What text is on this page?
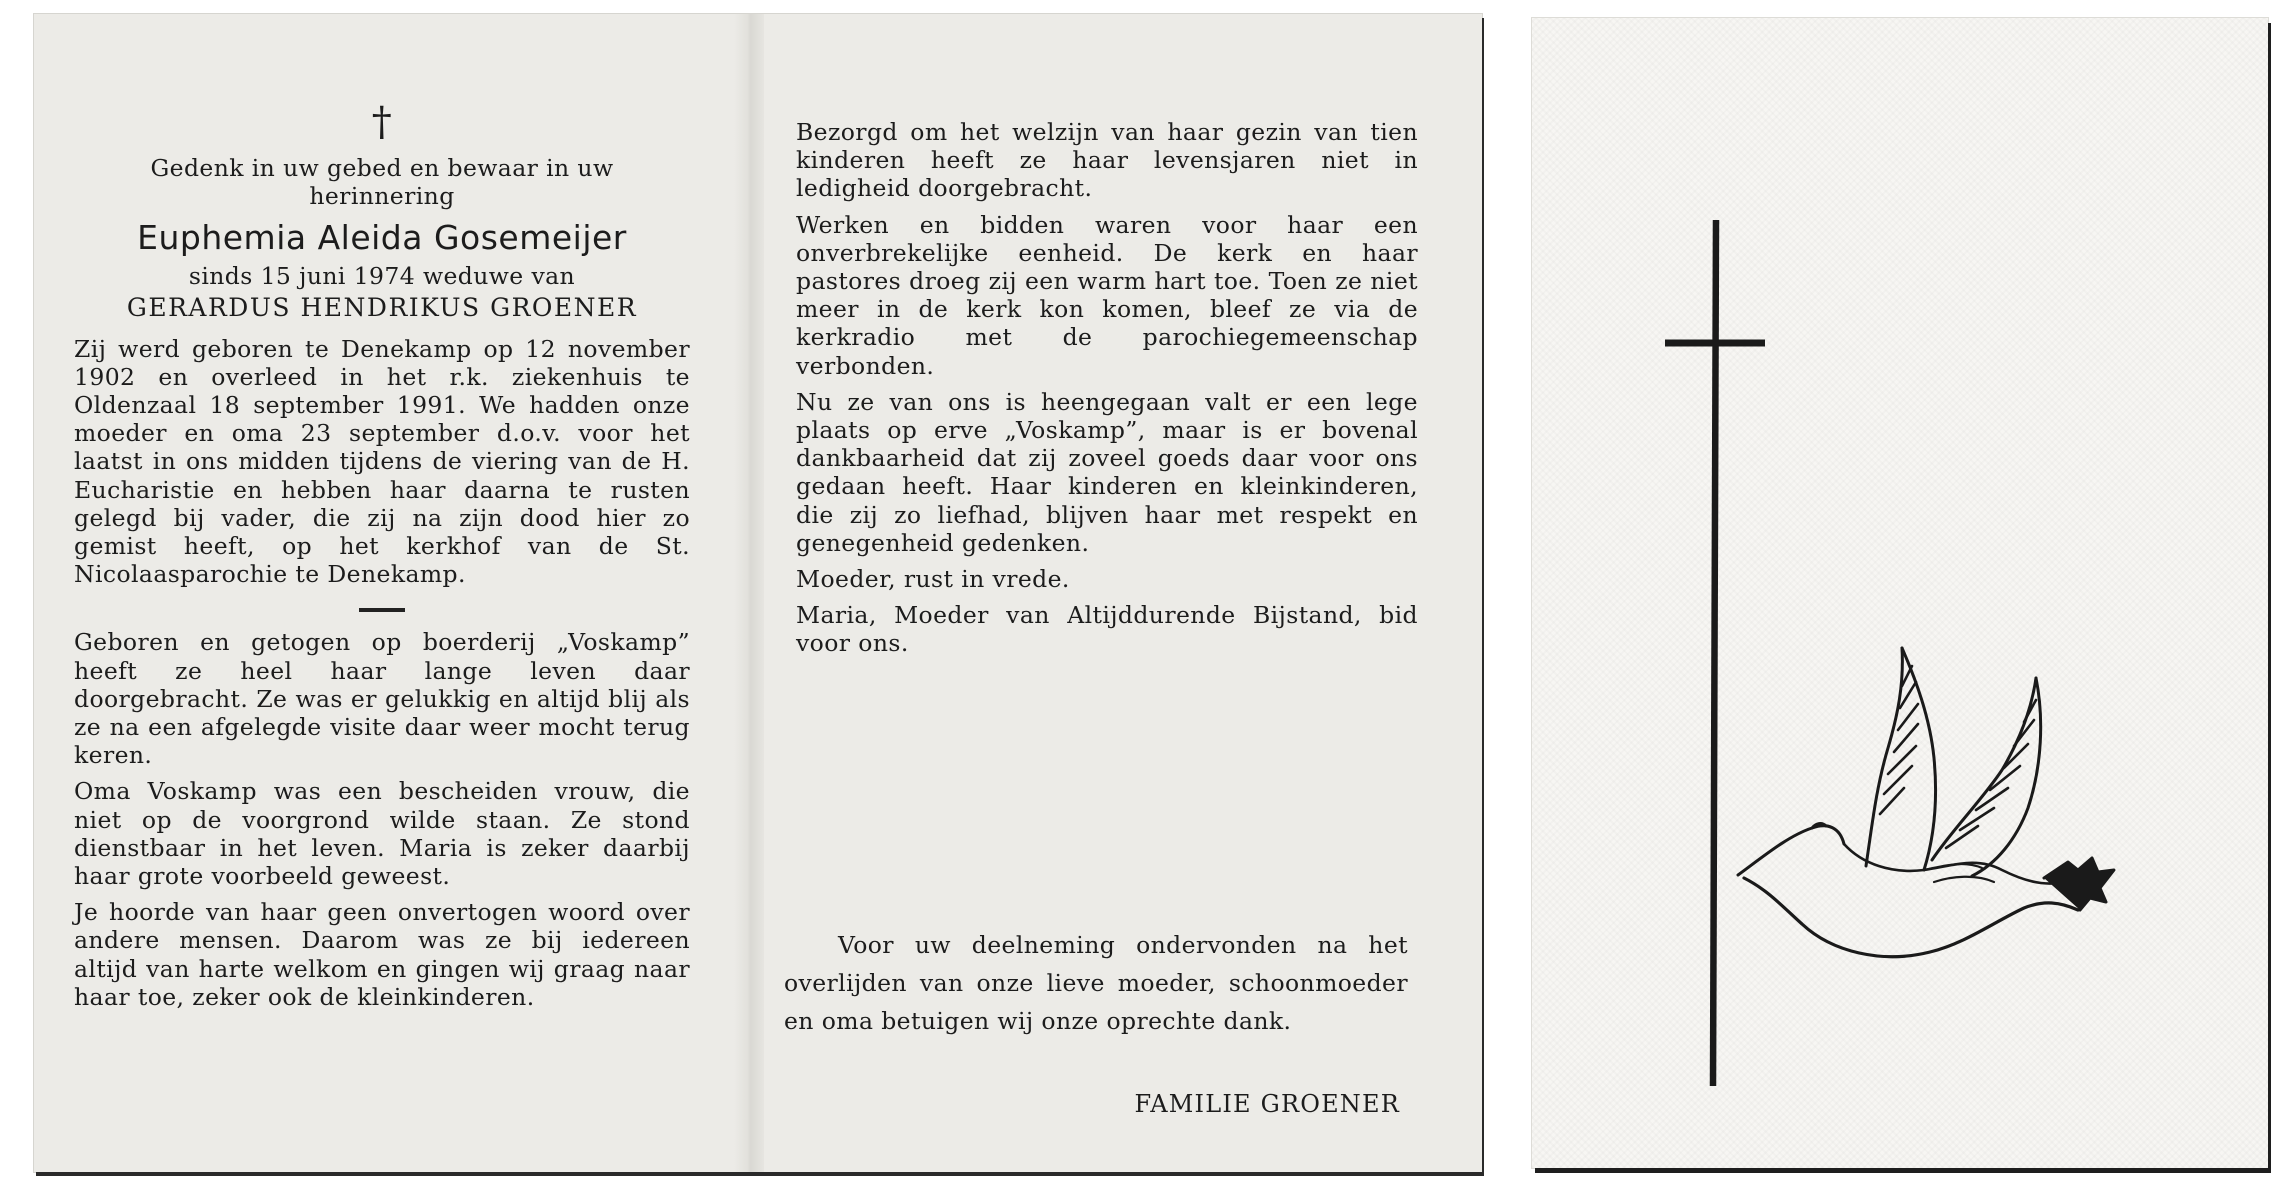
†
Gedenk in uw gebed en bewaar in uw herinnering
Euphemia Aleida Gosemeijer
sinds 15 juni 1974 weduwe van
GERARDUS HENDRIKUS GROENER
Zij werd geboren te Denekamp op 12 november 1902 en overleed in het r.k. ziekenhuis te Oldenzaal 18 september 1991. We hadden onze moeder en oma 23 september d.o.v. voor het laatst in ons midden tijdens de viering van de H. Eucharistie en hebben haar daarna te rusten gelegd bij vader, die zij na zijn dood hier zo gemist heeft, op het kerkhof van de St. Nicolaasparochie te Denekamp.
Geboren en getogen op boerderij „Voskamp” heeft ze heel haar lange leven daar doorgebracht. Ze was er gelukkig en altijd blij als ze na een afgelegde visite daar weer mocht terug keren.
Oma Voskamp was een bescheiden vrouw, die niet op de voorgrond wilde staan. Ze stond dienstbaar in het leven. Maria is zeker daarbij haar grote voorbeeld geweest.
Je hoorde van haar geen onvertogen woord over andere mensen. Daarom was ze bij iedereen altijd van harte welkom en gingen wij graag naar haar toe, zeker ook de kleinkinderen.
Bezorgd om het welzijn van haar gezin van tien kinderen heeft ze haar levensjaren niet in ledigheid doorgebracht.
Werken en bidden waren voor haar een onverbrekelijke eenheid. De kerk en haar pastores droeg zij een warm hart toe. Toen ze niet meer in de kerk kon komen, bleef ze via de kerkradio met de parochiegemeenschap verbonden.
Nu ze van ons is heengegaan valt er een lege plaats op erve „Voskamp”, maar is er bovenal dankbaarheid dat zij zoveel goeds daar voor ons gedaan heeft. Haar kinderen en kleinkinderen, die zij zo liefhad, blijven haar met respekt en genegenheid gedenken.
Moeder, rust in vrede.
Maria, Moeder van Altijddurende Bijstand, bid voor ons.
Voor uw deelneming ondervonden na het overlijden van onze lieve moeder, schoonmoeder en oma betuigen wij onze oprechte dank.
FAMILIE GROENER
